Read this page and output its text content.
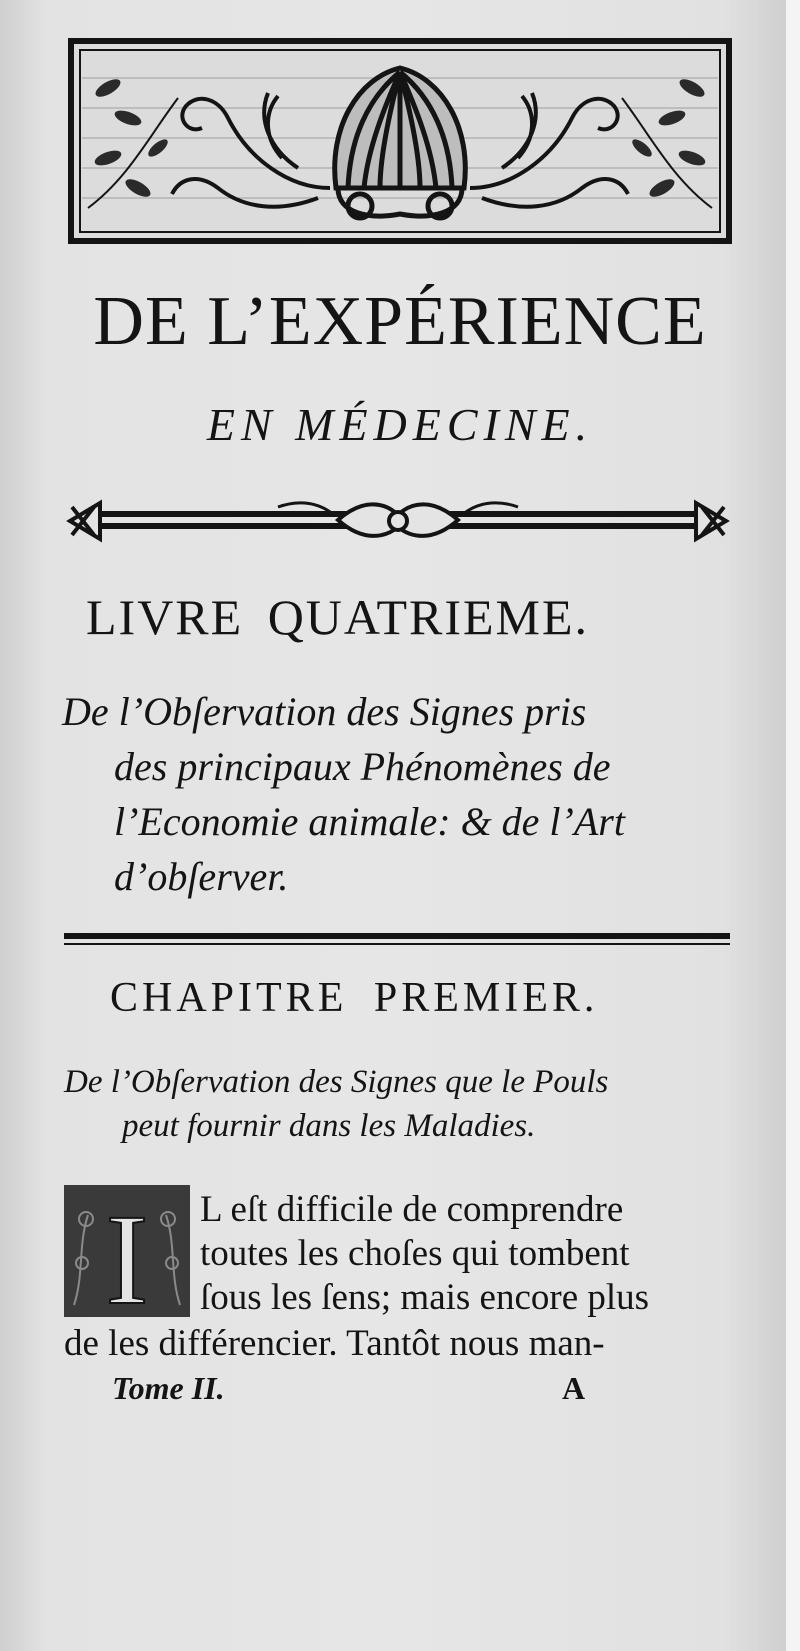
DE L’EXPÉRIENCE
EN MÉDECINE.
LIVRE QUATRIEME.
De l’Obſervation des Signes pris
des principaux Phénomènes de
l’Economie animale: & de l’Art
d’obſerver.
CHAPITRE PREMIER.
De l’Obſervation des Signes que le Pouls
peut fournir dans les Maladies.
I L eſt difficile de comprendre
toutes les choſes qui tombent
ſous les ſens; mais encore plus
de les différencier. Tantôt nous man-
Tome II.	A
